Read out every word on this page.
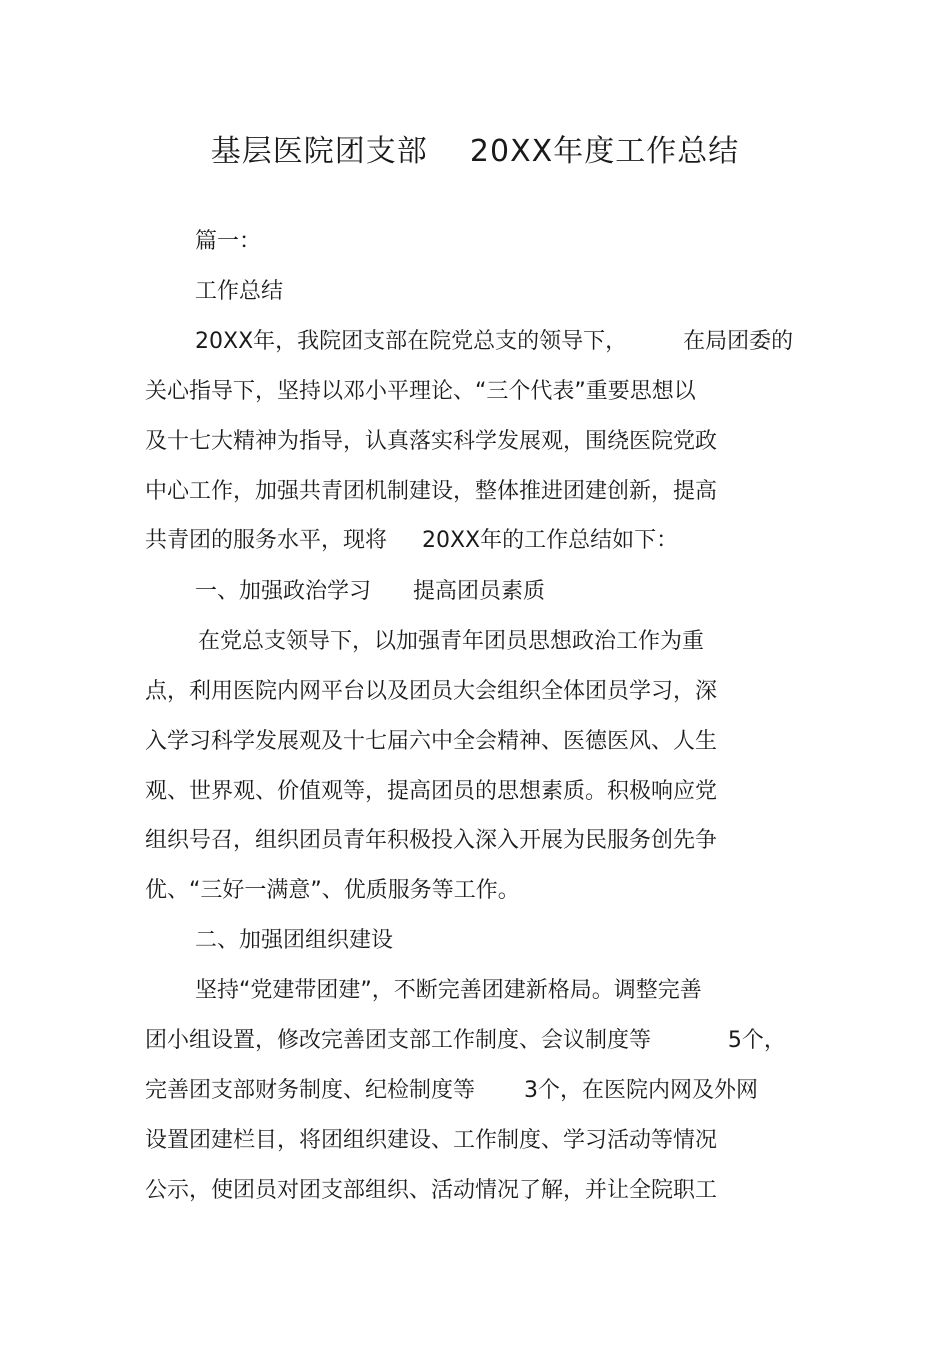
基层医院团支部    20XX年度工作总结
篇一：
工作总结
20XX年，我院团支部在院党总支的领导下，        在局团委的
关心指导下，坚持以邓小平理论、“三个代表”重要思想以
及十七大精神为指导，认真落实科学发展观，围绕医院党政
中心工作，加强共青团机制建设，整体推进团建创新，提高
共青团的服务水平，现将     20XX年的工作总结如下：
一、加强政治学习      提高团员素质
在党总支领导下，以加强青年团员思想政治工作为重
点，利用医院内网平台以及团员大会组织全体团员学习，深
入学习科学发展观及十七届六中全会精神、医德医风、人生
观、世界观、价值观等，提高团员的思想素质。积极响应党
组织号召，组织团员青年积极投入深入开展为民服务创先争
优、“三好一满意”、优质服务等工作。
二、加强团组织建设
坚持“党建带团建”，不断完善团建新格局。调整完善
团小组设置，修改完善团支部工作制度、会议制度等           5个，
完善团支部财务制度、纪检制度等       3个，在医院内网及外网
设置团建栏目，将团组织建设、工作制度、学习活动等情况
公示，使团员对团支部组织、活动情况了解，并让全院职工
